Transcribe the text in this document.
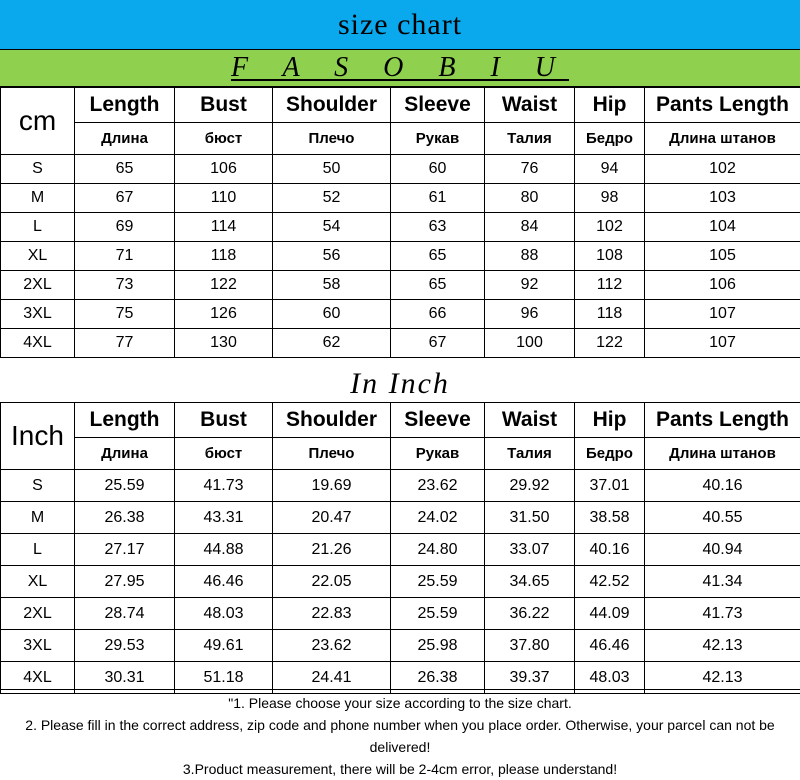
size chart
F A S O B I U
cm	Length	Bust	Shoulder	Sleeve	Waist	Hip	Pants Length
	Длина	бюст	Плечо	Рукав	Талия	Бедро	Длина штанов
S	65	106	50	60	76	94	102
M	67	110	52	61	80	98	103
L	69	114	54	63	84	102	104
XL	71	118	56	65	88	108	105
2XL	73	122	58	65	92	112	106
3XL	75	126	60	66	96	118	107
4XL	77	130	62	67	100	122	107
In Inch
Inch	Length	Bust	Shoulder	Sleeve	Waist	Hip	Pants Length
	Длина	бюст	Плечо	Рукав	Талия	Бедро	Длина штанов
S	25.59	41.73	19.69	23.62	29.92	37.01	40.16
M	26.38	43.31	20.47	24.02	31.50	38.58	40.55
L	27.17	44.88	21.26	24.80	33.07	40.16	40.94
XL	27.95	46.46	22.05	25.59	34.65	42.52	41.34
2XL	28.74	48.03	22.83	25.59	36.22	44.09	41.73
3XL	29.53	49.61	23.62	25.98	37.80	46.46	42.13
4XL	30.31	51.18	24.41	26.38	39.37	48.03	42.13
"1. Please choose your size according to the size chart.
2. Please fill in the correct address, zip code and phone number when you place order. Otherwise, your parcel can not be delivered!
3.Product measurement, there will be 2-4cm error, please understand!
